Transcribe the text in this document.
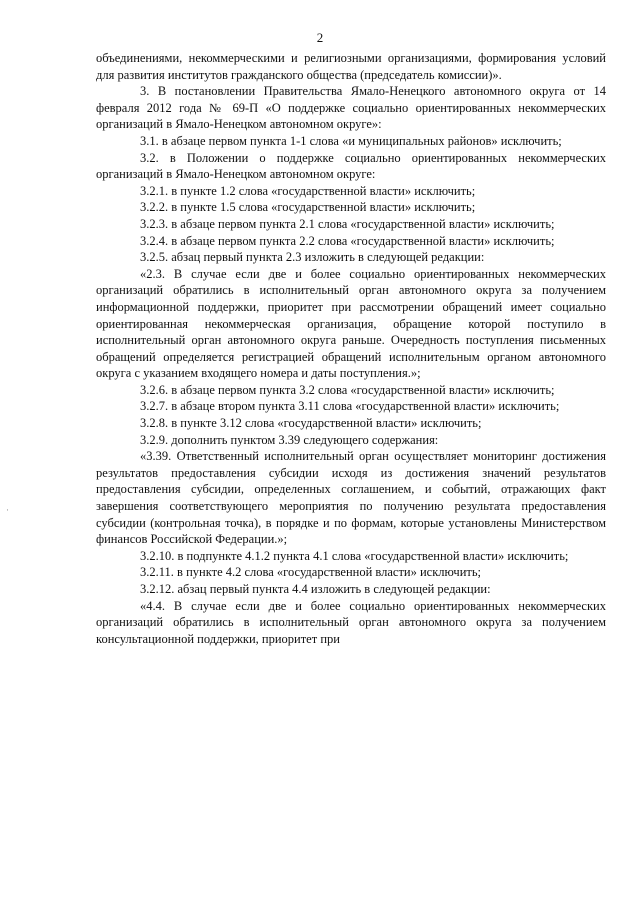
2
·

объединениями, некоммерческими и религиозными организациями, формирования условий для развития институтов гражданского общества (председатель комиссии)».

3. В постановлении Правительства Ямало-Ненецкого автономного округа от 14 февраля 2012 года № 69-П «О поддержке социально ориентированных некоммерческих организаций в Ямало-Ненецком автономном округе»:

3.1. в абзаце первом пункта 1-1 слова «и муниципальных районов» исключить;

3.2. в Положении о поддержке социально ориентированных некоммерческих организаций в Ямало-Ненецком автономном округе:

3.2.1. в пункте 1.2 слова «государственной власти» исключить;

3.2.2. в пункте 1.5 слова «государственной власти» исключить;

3.2.3. в абзаце первом пункта 2.1 слова «государственной власти» исключить;

3.2.4. в абзаце первом пункта 2.2 слова «государственной власти» исключить;

3.2.5. абзац первый пункта 2.3 изложить в следующей редакции:

«2.3. В случае если две и более социально ориентированных некоммерческих организаций обратились в исполнительный орган автономного округа за получением информационной поддержки, приоритет при рассмотрении обращений имеет социально ориентированная некоммерческая организация, обращение которой поступило в исполнительный орган автономного округа раньше. Очередность поступления письменных обращений определяется регистрацией обращений исполнительным органом автономного округа с указанием входящего номера и даты поступления.»;

3.2.6. в абзаце первом пункта 3.2 слова «государственной власти» исключить;

3.2.7. в абзаце втором пункта 3.11 слова «государственной власти» исключить;

3.2.8. в пункте 3.12 слова «государственной власти» исключить;

3.2.9. дополнить пунктом 3.39 следующего содержания:

«3.39. Ответственный исполнительный орган осуществляет мониторинг достижения результатов предоставления субсидии исходя из достижения значений результатов предоставления субсидии, определенных соглашением, и событий, отражающих факт завершения соответствующего мероприятия по получению результата предоставления субсидии (контрольная точка), в порядке и по формам, которые установлены Министерством финансов Российской Федерации.»;

3.2.10. в подпункте 4.1.2 пункта 4.1 слова «государственной власти» исключить;

3.2.11. в пункте 4.2 слова «государственной власти» исключить;

3.2.12. абзац первый пункта 4.4 изложить в следующей редакции:

«4.4. В случае если две и более социально ориентированных некоммерческих организаций обратились в исполнительный орган автономного округа за получением консультационной поддержки, приоритет при
